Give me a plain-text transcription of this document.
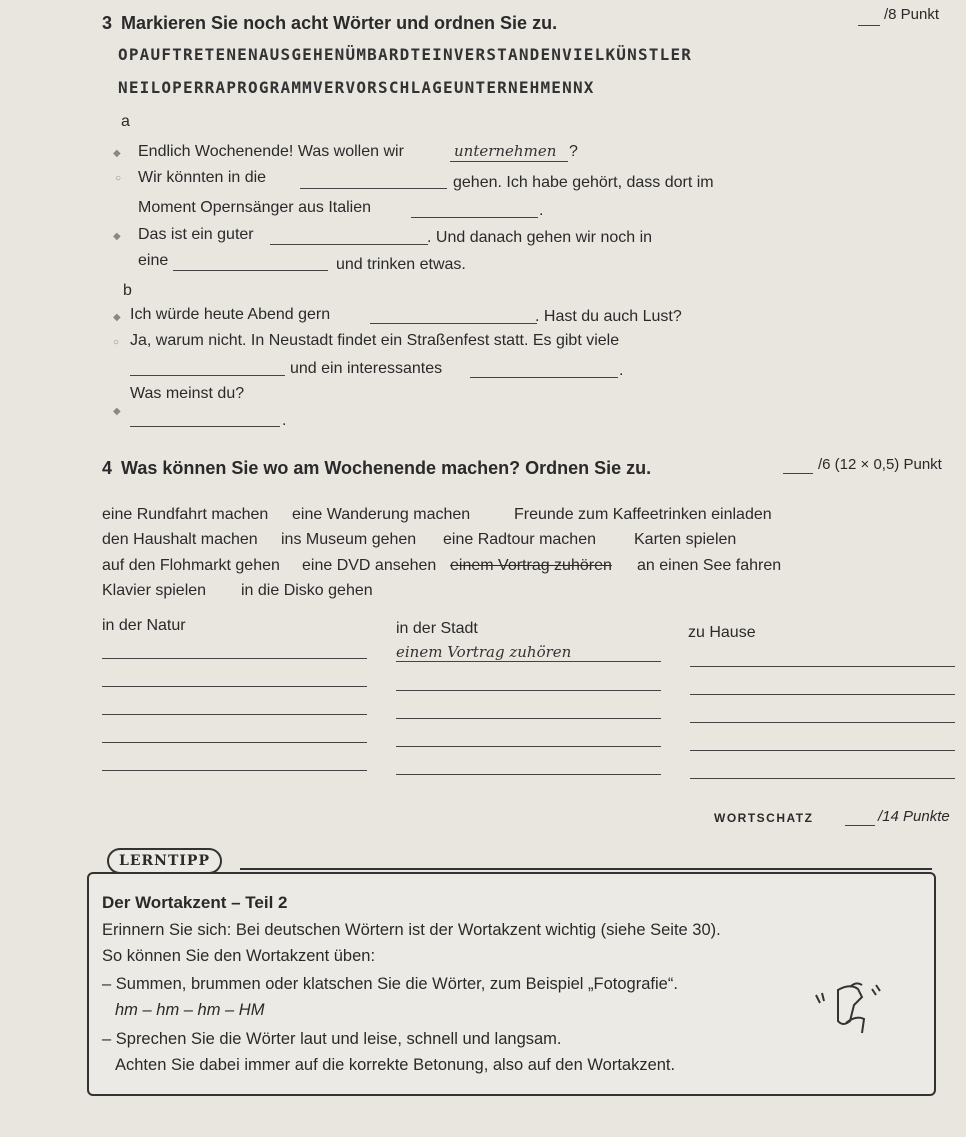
3 Markieren Sie noch acht Wörter und ordnen Sie zu.	/8 Punkt
OPAUFTRETENENAUSGEHENÜMBARDTEINVERSTANDENVIELKÜNSTLER
NEILOPERRAPROGRAMMVERVORSCHLAGEUNTERNEHMENNX
a
◆ Endlich Wochenende! Was wollen wir	unternehmen ?
○ Wir könnten in die	gehen. Ich habe gehört, dass dort im
Moment Opernsänger aus Italien	.
◆ Das ist ein guter	. Und danach gehen wir noch in
eine	und trinken etwas.
b
◆ Ich würde heute Abend gern	. Hast du auch Lust?
○ Ja, warum nicht. In Neustadt findet ein Straßenfest statt. Es gibt viele
und ein interessantes	.
Was meinst du?
◆
.
4 Was können Sie wo am Wochenende machen? Ordnen Sie zu.	/6 (12 × 0,5) Punkt
eine Rundfahrt machen eine Wanderung machen	Freunde zum Kaffeetrinken einladen
den Haushalt machen ins Museum gehen eine Radtour machen Karten spielen
auf den Flohmarkt gehen eine DVD ansehen einem Vortrag zuhören an einen See fahren
Klavier spielen in die Disko gehen
in der Natur	in der Stadt	zu Hause
einem Vortrag zuhören
WORTSCHATZ	/14 Punkte
LERNTIPP
Der Wortakzent – Teil 2
Erinnern Sie sich: Bei deutschen Wörtern ist der Wortakzent wichtig (siehe Seite 30).
So können Sie den Wortakzent üben:
– Summen, brummen oder klatschen Sie die Wörter, zum Beispiel „Fotografie“.
hm – hm – hm – HM
– Sprechen Sie die Wörter laut und leise, schnell und langsam.
Achten Sie dabei immer auf die korrekte Betonung, also auf den Wortakzent.
